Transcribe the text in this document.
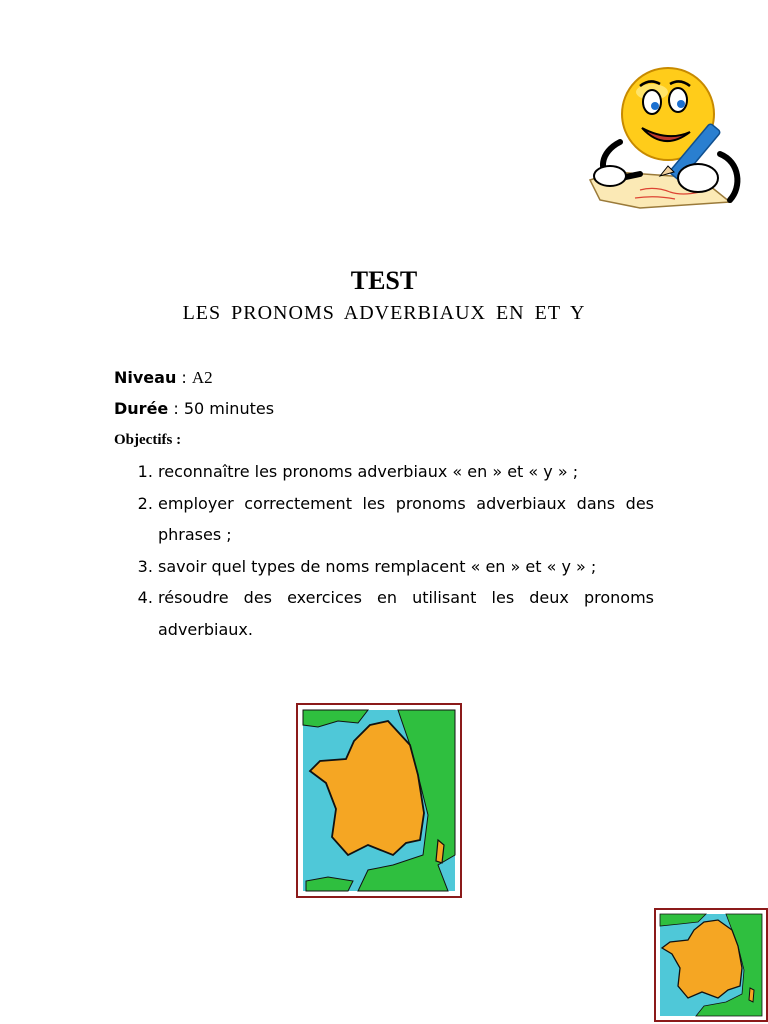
TEST
LES PRONOMS ADVERBIAUX EN ET Y
Niveau : A2
Durée : 50 minutes
Objectifs :
1. reconnaître les pronoms adverbiaux « en » et « y » ;
2. employer correctement les pronoms adverbiaux dans des phrases ;
3. savoir quel types de noms remplacent « en » et « y » ;
4. résoudre des exercices en utilisant les deux pronoms adverbiaux.
